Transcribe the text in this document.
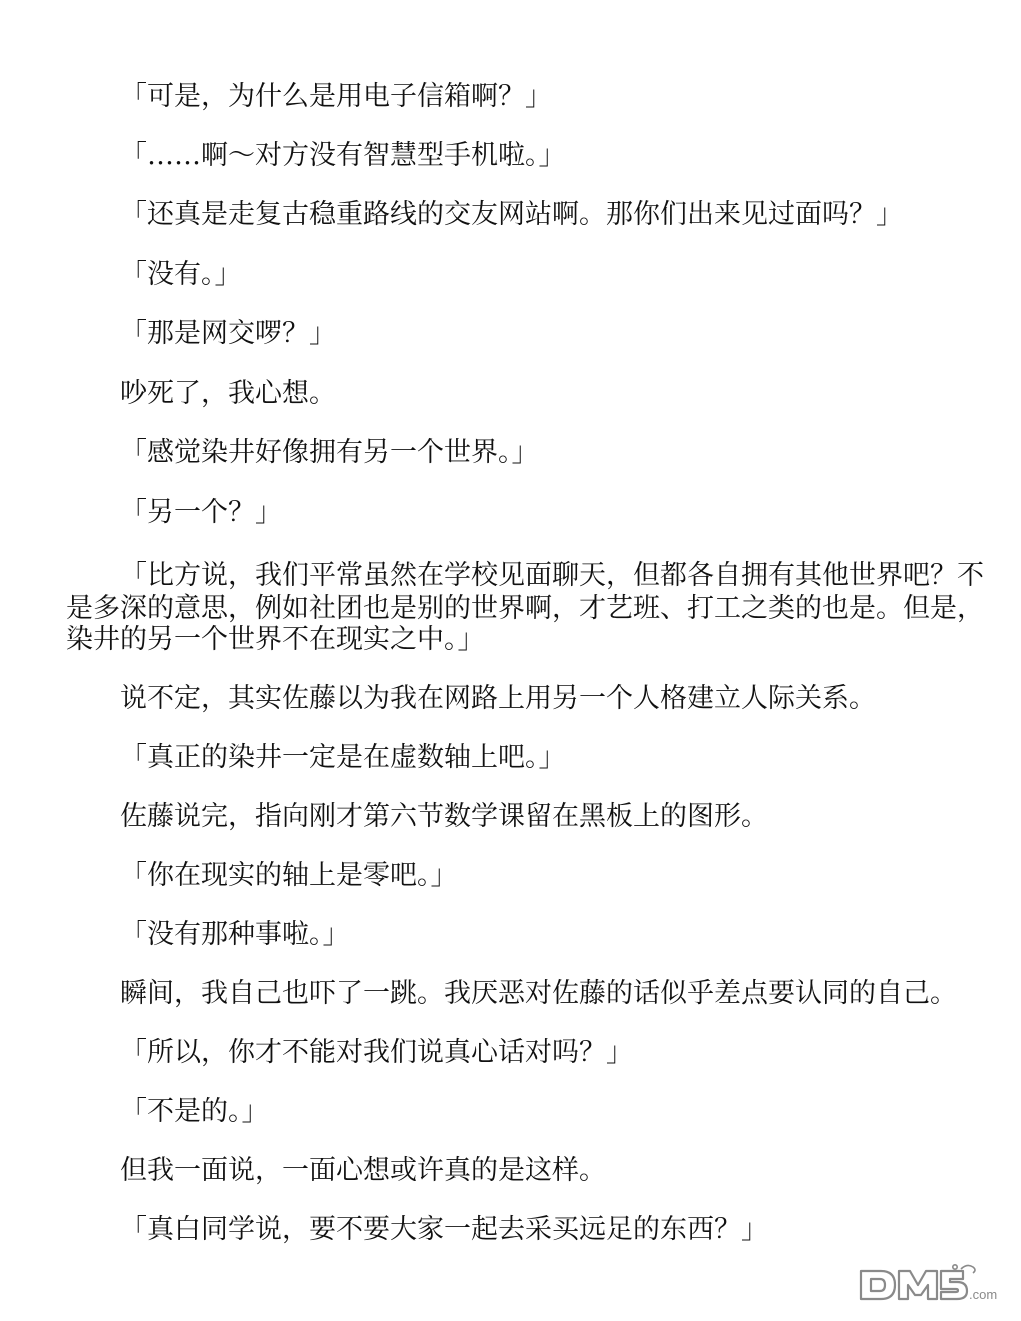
「可是，为什么是用电子信箱啊？」
「……啊～对方没有智慧型手机啦。」
「还真是走复古稳重路线的交友网站啊。那你们出来见过面吗？」
「没有。」
「那是网交啰？」
吵死了，我心想。
「感觉染井好像拥有另一个世界。」
「另一个？」
「比方说，我们平常虽然在学校见面聊天，但都各自拥有其他世界吧？不
是多深的意思，例如社团也是别的世界啊，才艺班、打工之类的也是。但是，
染井的另一个世界不在现实之中。」
说不定，其实佐藤以为我在网路上用另一个人格建立人际关系。
「真正的染井一定是在虚数轴上吧。」
佐藤说完，指向刚才第六节数学课留在黑板上的图形。
「你在现实的轴上是零吧。」
「没有那种事啦。」
瞬间，我自己也吓了一跳。我厌恶对佐藤的话似乎差点要认同的自己。
「所以，你才不能对我们说真心话对吗？」
「不是的。」
但我一面说，一面心想或许真的是这样。
「真白同学说，要不要大家一起去采买远足的东西？」
.com
